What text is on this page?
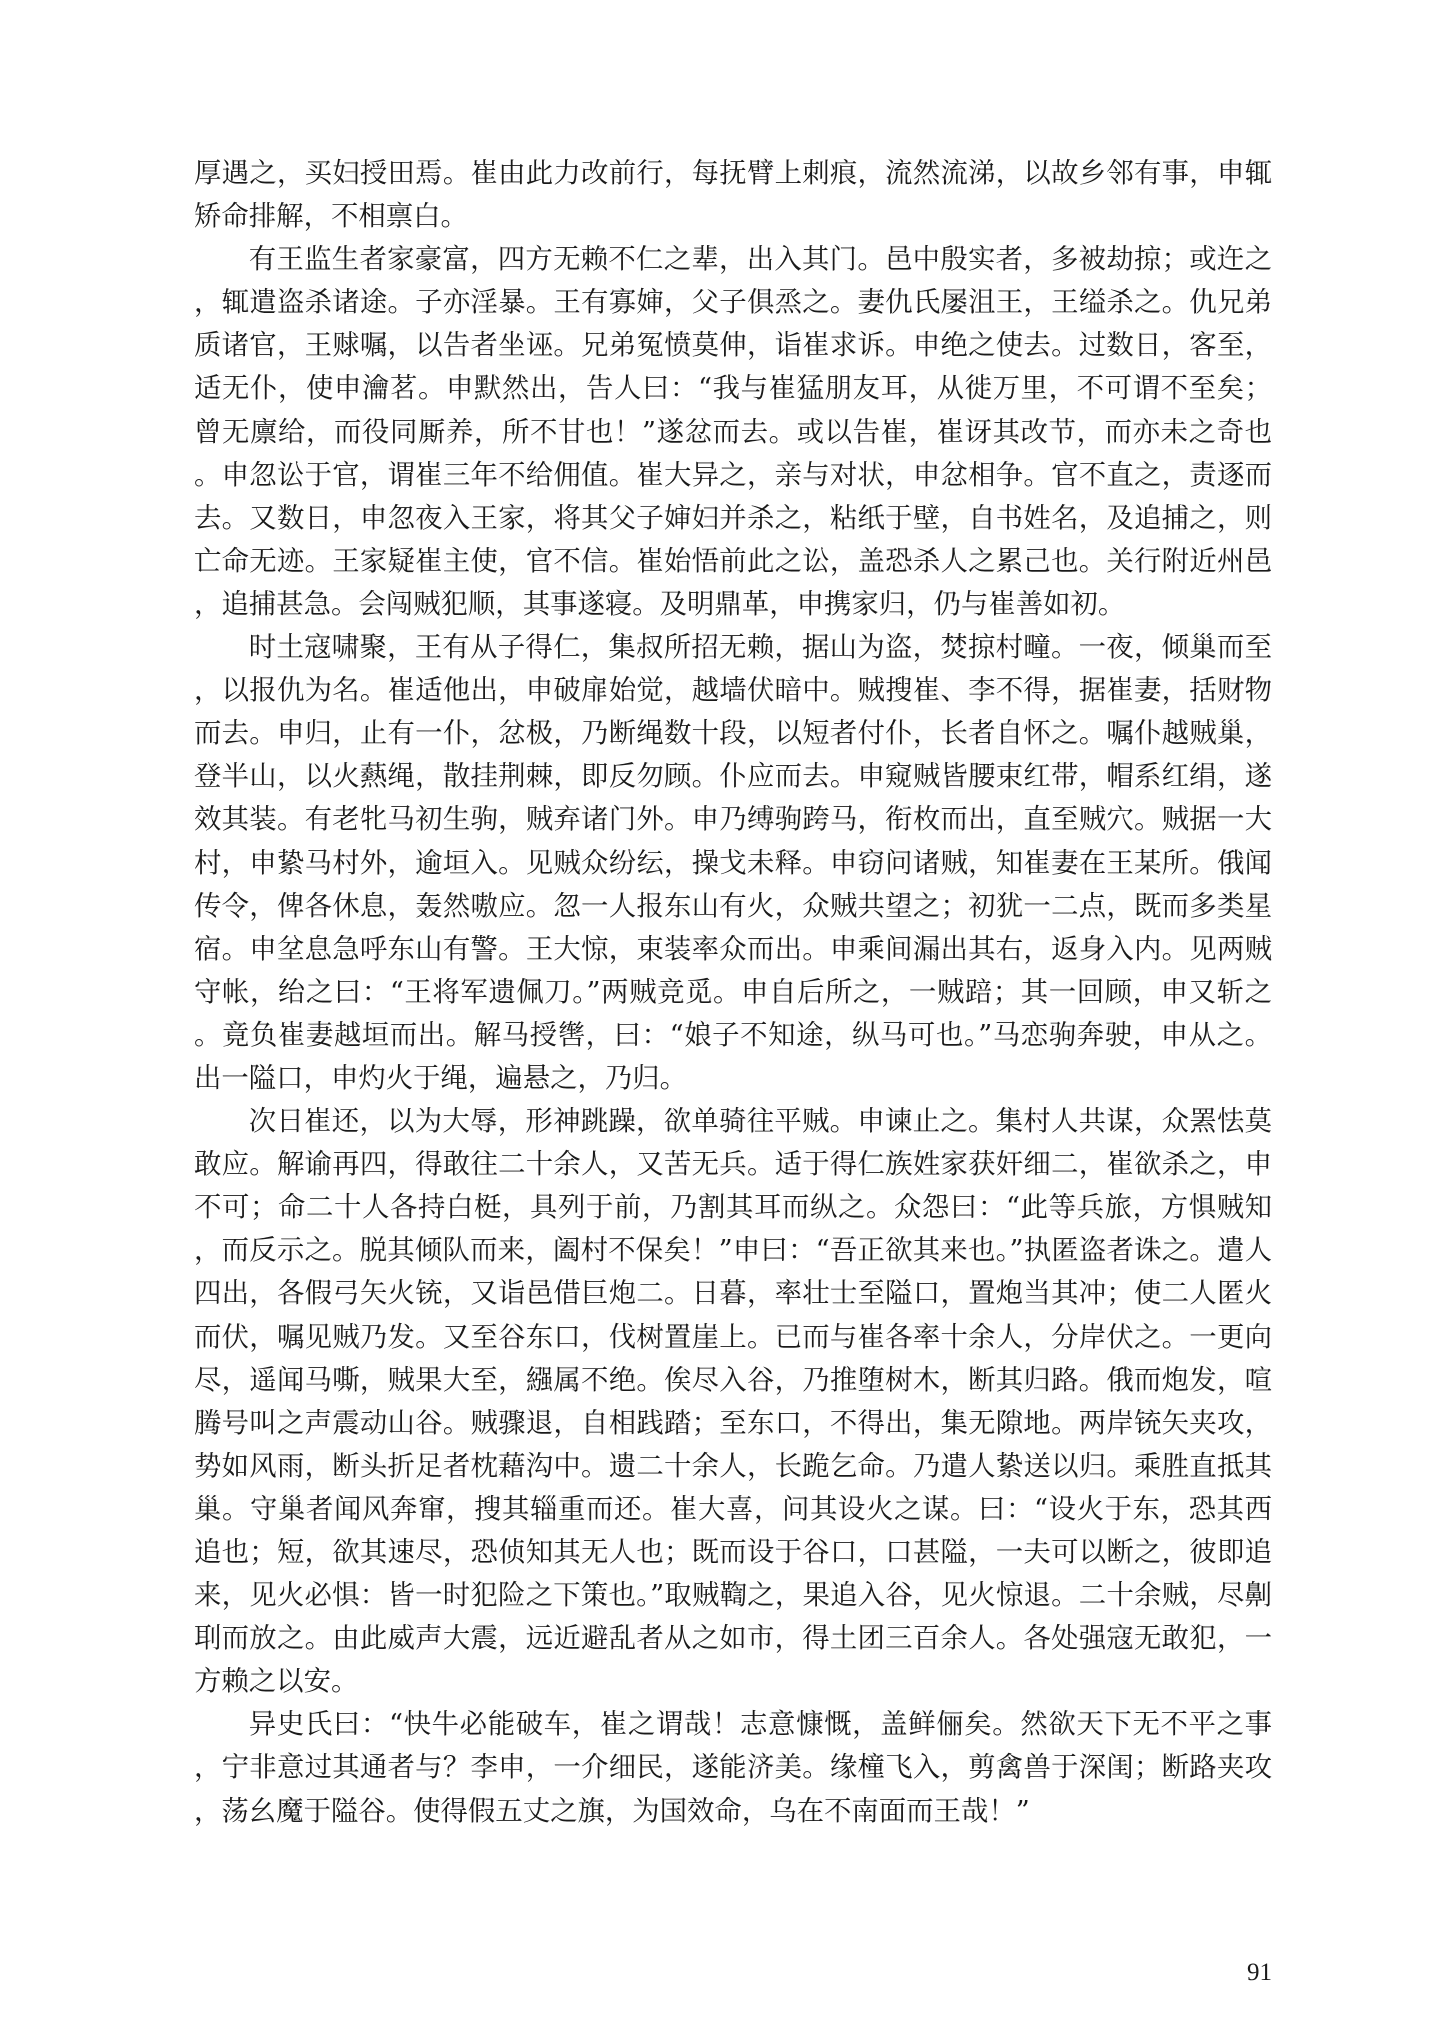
厚遇之，买妇授田焉。崔由此力改前行，每抚臂上刺痕，流然流涕，以故乡邻有事，申辄矫命排解，不相禀白。

有王监生者家豪富，四方无赖不仁之辈，出入其门。邑中殷实者，多被劫掠；或迕之，辄遣盗杀诸途。子亦淫暴。王有寡婶，父子俱烝之。妻仇氏屡沮王，王缢杀之。仇兄弟质诸官，王赇嘱，以告者坐诬。兄弟冤愤莫伸，诣崔求诉。申绝之使去。过数日，客至，适无仆，使申瀹茗。申默然出，告人曰：“我与崔猛朋友耳，从徙万里，不可谓不至矣；曾无廪给，而役同厮养，所不甘也！”遂忿而去。或以告崔，崔讶其改节，而亦未之奇也。申忽讼于官，谓崔三年不给佣值。崔大异之，亲与对状，申忿相争。官不直之，责逐而去。又数日，申忽夜入王家，将其父子婶妇并杀之，粘纸于壁，自书姓名，及追捕之，则亡命无迹。王家疑崔主使，官不信。崔始悟前此之讼，盖恐杀人之累己也。关行附近州邑，追捕甚急。会闯贼犯顺，其事遂寝。及明鼎革，申携家归，仍与崔善如初。

时土寇啸聚，王有从子得仁，集叔所招无赖，据山为盗，焚掠村疃。一夜，倾巢而至，以报仇为名。崔适他出，申破扉始觉，越墙伏暗中。贼搜崔、李不得，据崔妻，括财物而去。申归，止有一仆，忿极，乃断绳数十段，以短者付仆，长者自怀之。嘱仆越贼巢，登半山，以火爇绳，散挂荆棘，即反勿顾。仆应而去。申窥贼皆腰束红带，帽系红绢，遂效其装。有老牝马初生驹，贼弃诸门外。申乃缚驹跨马，衔枚而出，直至贼穴。贼据一大村，申絷马村外，逾垣入。见贼众纷纭，操戈未释。申窃问诸贼，知崔妻在王某所。俄闻传令，俾各休息，轰然嗷应。忽一人报东山有火，众贼共望之；初犹一二点，既而多类星宿。申坌息急呼东山有警。王大惊，束装率众而出。申乘间漏出其右，返身入内。见两贼守帐，绐之曰：“王将军遗佩刀。”两贼竞觅。申自后所之，一贼踣；其一回顾，申又斩之。竟负崔妻越垣而出。解马授辔，曰：“娘子不知途，纵马可也。”马恋驹奔驶，申从之。出一隘口，申灼火于绳，遍悬之，乃归。

次日崔还，以为大辱，形神跳躁，欲单骑往平贼。申谏止之。集村人共谋，众罴怯莫敢应。解谕再四，得敢往二十余人，又苦无兵。适于得仁族姓家获奸细二，崔欲杀之，申不可；命二十人各持白梃，具列于前，乃割其耳而纵之。众怨曰：“此等兵旅，方惧贼知，而反示之。脱其倾队而来，阖村不保矣！”申曰：“吾正欲其来也。”执匿盗者诛之。遣人四出，各假弓矢火铳，又诣邑借巨炮二。日暮，率壮士至隘口，置炮当其冲；使二人匿火而伏，嘱见贼乃发。又至谷东口，伐树置崖上。已而与崔各率十余人，分岸伏之。一更向尽，遥闻马嘶，贼果大至，繦属不绝。俟尽入谷，乃推堕树木，断其归路。俄而炮发，喧腾号叫之声震动山谷。贼骤退，自相践踏；至东口，不得出，集无隙地。两岸铳矢夹攻，势如风雨，断头折足者枕藉沟中。遗二十余人，长跪乞命。乃遣人絷送以归。乘胜直抵其巢。守巢者闻风奔窜，搜其辎重而还。崔大喜，问其设火之谋。曰：“设火于东，恐其西追也；短，欲其速尽，恐侦知其无人也；既而设于谷口，口甚隘，一夫可以断之，彼即追来，见火必惧：皆一时犯险之下策也。”取贼鞫之，果追入谷，见火惊退。二十余贼，尽劓刵而放之。由此威声大震，远近避乱者从之如市，得土团三百余人。各处强寇无敢犯，一方赖之以安。

异史氏曰：“快牛必能破车，崔之谓哉！志意慷慨，盖鲜俪矣。然欲天下无不平之事，宁非意过其通者与？李申，一介细民，遂能济美。缘橦飞入，剪禽兽于深闺；断路夹攻，荡幺魔于隘谷。使得假五丈之旗，为国效命，乌在不南面而王哉！”

91
